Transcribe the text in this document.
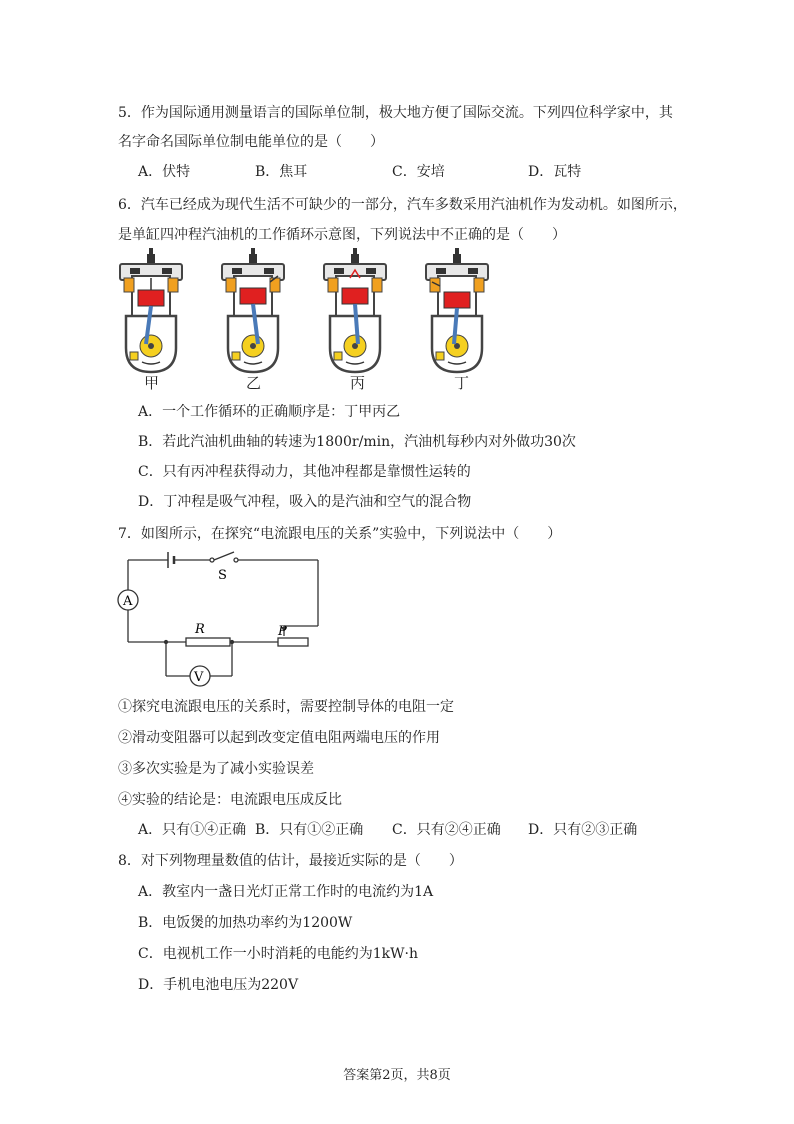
5．作为国际通用测量语言的国际单位制，极大地方便了国际交流。下列四位科学家中，其
名字命名国际单位制电能单位的是（　　）
A．伏特	B．焦耳	C．安培	D．瓦特
6．汽车已经成为现代生活不可缺少的一部分，汽车多数采用汽油机作为发动机。如图所示，
是单缸四冲程汽油机的工作循环示意图，下列说法中不正确的是（　　）
甲	乙	丙	丁
A．一个工作循环的正确顺序是：丁甲丙乙
B．若此汽油机曲轴的转速为1800r/min，汽油机每秒内对外做功30次
C．只有丙冲程获得动力，其他冲程都是靠惯性运转的
D．丁冲程是吸气冲程，吸入的是汽油和空气的混合物
7．如图所示，在探究“电流跟电压的关系”实验中，下列说法中（　　）
A
V
S
R	P
①探究电流跟电压的关系时，需要控制导体的电阻一定
②滑动变阻器可以起到改变定值电阻两端电压的作用
③多次实验是为了减小实验误差
④实验的结论是：电流跟电压成反比
A．只有①④正确 B．只有①②正确 C．只有②④正确 D．只有②③正确
8．对下列物理量数值的估计，最接近实际的是（　　）
A．教室内一盏日光灯正常工作时的电流约为1A
B．电饭煲的加热功率约为1200W
C．电视机工作一小时消耗的电能约为1kW·h
D．手机电池电压为220V
答案第2页，共8页
